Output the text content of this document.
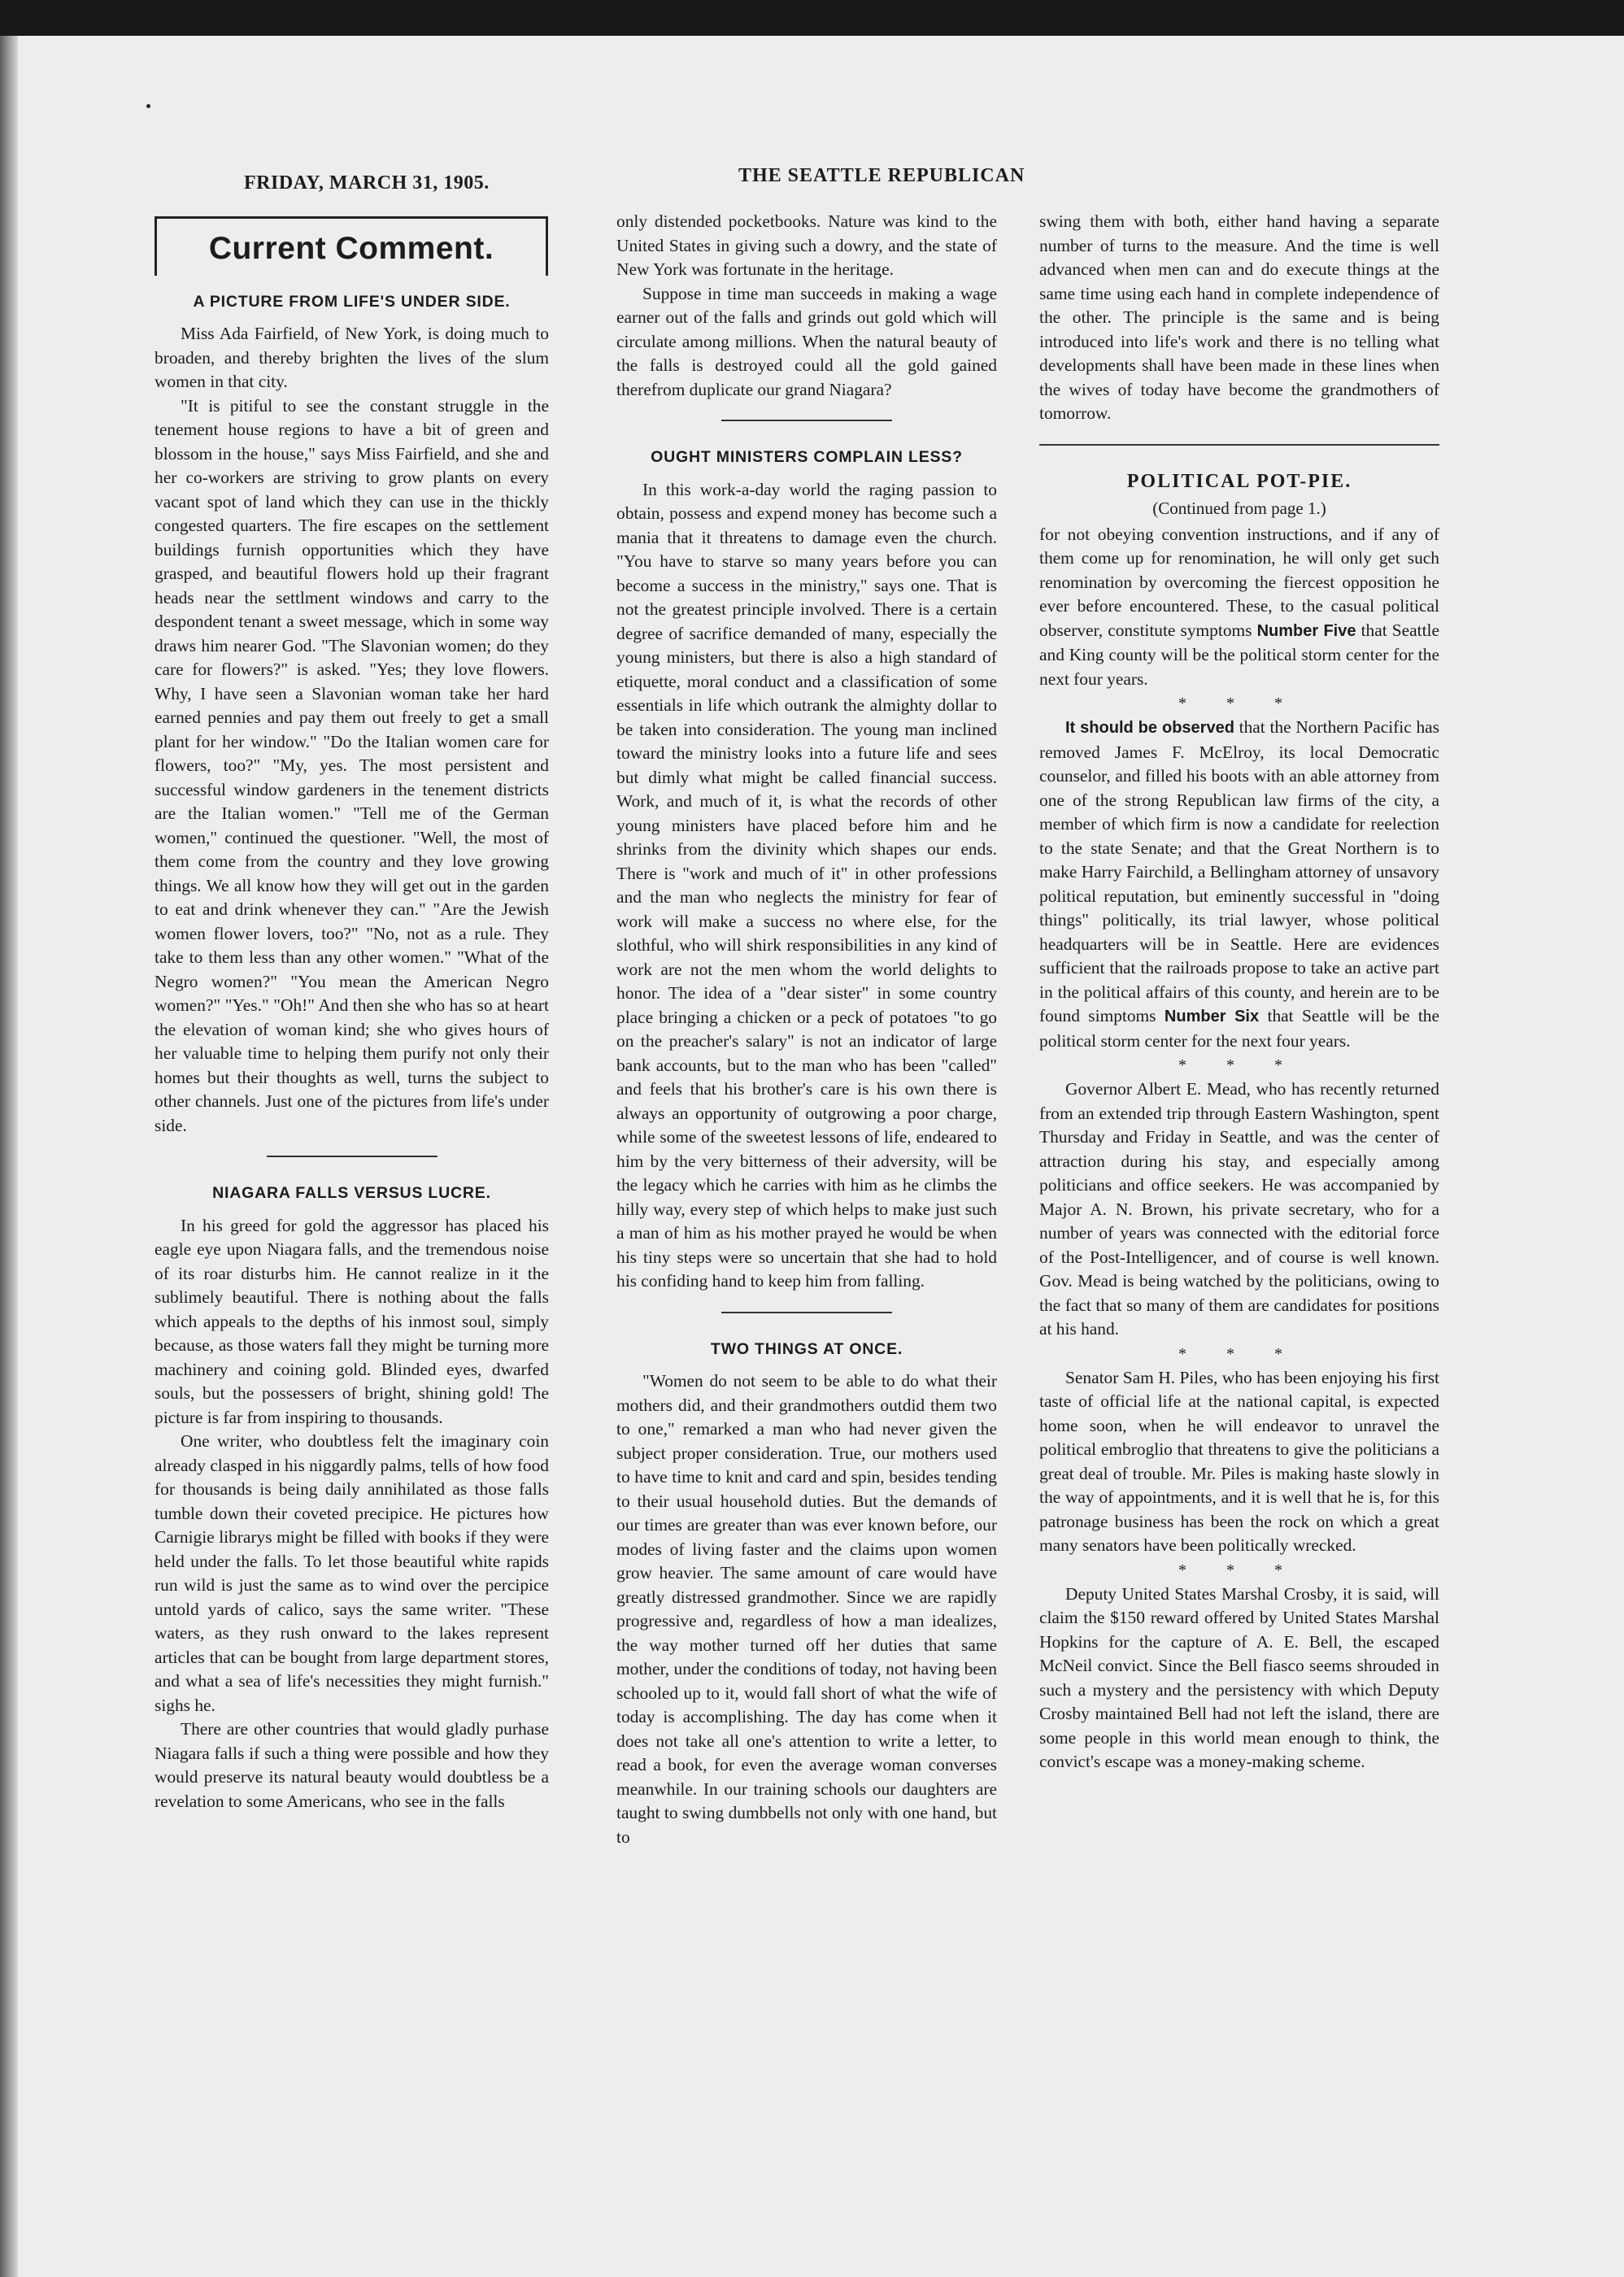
FRIDAY, MARCH 31, 1905.	THE SEATTLE REPUBLICAN
Current Comment.
A PICTURE FROM LIFE'S UNDER SIDE.

Miss Ada Fairfield, of New York, is doing much to broaden, and thereby brighten the lives of the slum women in that city.

"It is pitiful to see the constant struggle in the tenement house regions to have a bit of green and blossom in the house," says Miss Fairfield, and she and her co-workers are striving to grow plants on every vacant spot of land which they can use in the thickly congested quarters. The fire escapes on the settlement buildings furnish opportunities which they have grasped, and beautiful flowers hold up their fragrant heads near the settlment windows and carry to the despondent tenant a sweet message, which in some way draws him nearer God. "The Slavonian women; do they care for flowers?" is asked. "Yes; they love flowers. Why, I have seen a Slavonian woman take her hard earned pennies and pay them out freely to get a small plant for her window." "Do the Italian women care for flowers, too?" "My, yes. The most persistent and successful window gardeners in the tenement districts are the Italian women." "Tell me of the German women," continued the questioner. "Well, the most of them come from the country and they love growing things. We all know how they will get out in the garden to eat and drink whenever they can." "Are the Jewish women flower lovers, too?" "No, not as a rule. They take to them less than any other women." "What of the Negro women?" "You mean the American Negro women?" "Yes." "Oh!" And then she who has so at heart the elevation of woman kind; she who gives hours of her valuable time to helping them purify not only their homes but their thoughts as well, turns the subject to other channels. Just one of the pictures from life's under side.

NIAGARA FALLS VERSUS LUCRE.

In his greed for gold the aggressor has placed his eagle eye upon Niagara falls, and the tremendous noise of its roar disturbs him. He cannot realize in it the sublimely beautiful. There is nothing about the falls which appeals to the depths of his inmost soul, simply because, as those waters fall they might be turning more machinery and coining gold. Blinded eyes, dwarfed souls, but the possessers of bright, shining gold! The picture is far from inspiring to thousands.

One writer, who doubtless felt the imaginary coin already clasped in his niggardly palms, tells of how food for thousands is being daily annihilated as those falls tumble down their coveted precipice. He pictures how Carnigie librarys might be filled with books if they were held under the falls. To let those beautiful white rapids run wild is just the same as to wind over the percipice untold yards of calico, says the same writer. "These waters, as they rush onward to the lakes represent articles that can be bought from large department stores, and what a sea of life's necessities they might furnish." sighs he.

There are other countries that would gladly purhase Niagara falls if such a thing were possible and how they would preserve its natural beauty would doubtless be a revelation to some Americans, who see in the falls

only distended pocketbooks. Nature was kind to the United States in giving such a dowry, and the state of New York was fortunate in the heritage.

Suppose in time man succeeds in making a wage earner out of the falls and grinds out gold which will circulate among millions. When the natural beauty of the falls is destroyed could all the gold gained therefrom duplicate our grand Niagara?

OUGHT MINISTERS COMPLAIN LESS?

In this work-a-day world the raging passion to obtain, possess and expend money has become such a mania that it threatens to damage even the church. "You have to starve so many years before you can become a success in the ministry," says one. That is not the greatest principle involved. There is a certain degree of sacrifice demanded of many, especially the young ministers, but there is also a high standard of etiquette, moral conduct and a classification of some essentials in life which outrank the almighty dollar to be taken into consideration. The young man inclined toward the ministry looks into a future life and sees but dimly what might be called financial success. Work, and much of it, is what the records of other young ministers have placed before him and he shrinks from the divinity which shapes our ends. There is "work and much of it" in other professions and the man who neglects the ministry for fear of work will make a success no where else, for the slothful, who will shirk responsibilities in any kind of work are not the men whom the world delights to honor. The idea of a "dear sister" in some country place bringing a chicken or a peck of potatoes "to go on the preacher's salary" is not an indicator of large bank accounts, but to the man who has been "called" and feels that his brother's care is his own there is always an opportunity of outgrowing a poor charge, while some of the sweetest lessons of life, endeared to him by the very bitterness of their adversity, will be the legacy which he carries with him as he climbs the hilly way, every step of which helps to make just such a man of him as his mother prayed he would be when his tiny steps were so uncertain that she had to hold his confiding hand to keep him from falling.

TWO THINGS AT ONCE.

"Women do not seem to be able to do what their mothers did, and their grandmothers outdid them two to one," remarked a man who had never given the subject proper consideration. True, our mothers used to have time to knit and card and spin, besides tending to their usual household duties. But the demands of our times are greater than was ever known before, our modes of living faster and the claims upon women grow heavier. The same amount of care would have greatly distressed grandmother. Since we are rapidly progressive and, regardless of how a man idealizes, the way mother turned off her duties that same mother, under the conditions of today, not having been schooled up to it, would fall short of what the wife of today is accomplishing. The day has come when it does not take all one's attention to write a letter, to read a book, for even the average woman converses meanwhile. In our training schools our daughters are taught to swing dumbbells not only with one hand, but to

swing them with both, either hand having a separate number of turns to the measure. And the time is well advanced when men can and do execute things at the same time using each hand in complete independence of the other. The principle is the same and is being introduced into life's work and there is no telling what developments shall have been made in these lines when the wives of today have become the grandmothers of tomorrow.

POLITICAL POT-PIE.
(Continued from page 1.)

for not obeying convention instructions, and if any of them come up for renomination, he will only get such renomination by overcoming the fiercest opposition he ever before encountered. These, to the casual political observer, constitute symptoms Number Five that Seattle and King county will be the political storm center for the next four years.

* * *

It should be observed that the Northern Pacific has removed James F. McElroy, its local Democratic counselor, and filled his boots with an able attorney from one of the strong Republican law firms of the city, a member of which firm is now a candidate for reelection to the state Senate; and that the Great Northern is to make Harry Fairchild, a Bellingham attorney of unsavory political reputation, but eminently successful in "doing things" politically, its trial lawyer, whose political headquarters will be in Seattle. Here are evidences sufficient that the railroads propose to take an active part in the political affairs of this county, and herein are to be found simptoms Number Six that Seattle will be the political storm center for the next four years.

* * *

Governor Albert E. Mead, who has recently returned from an extended trip through Eastern Washington, spent Thursday and Friday in Seattle, and was the center of attraction during his stay, and especially among politicians and office seekers. He was accompanied by Major A. N. Brown, his private secretary, who for a number of years was connected with the editorial force of the Post-Intelligencer, and of course is well known. Gov. Mead is being watched by the politicians, owing to the fact that so many of them are candidates for positions at his hand.

* * *

Senator Sam H. Piles, who has been enjoying his first taste of official life at the national capital, is expected home soon, when he will endeavor to unravel the political embroglio that threatens to give the politicians a great deal of trouble. Mr. Piles is making haste slowly in the way of appointments, and it is well that he is, for this patronage business has been the rock on which a great many senators have been politically wrecked.

* * *

Deputy United States Marshal Crosby, it is said, will claim the $150 reward offered by United States Marshal Hopkins for the capture of A. E. Bell, the escaped McNeil convict. Since the Bell fiasco seems shrouded in such a mystery and the persistency with which Deputy Crosby maintained Bell had not left the island, there are some people in this world mean enough to think, the convict's escape was a money-making scheme.
